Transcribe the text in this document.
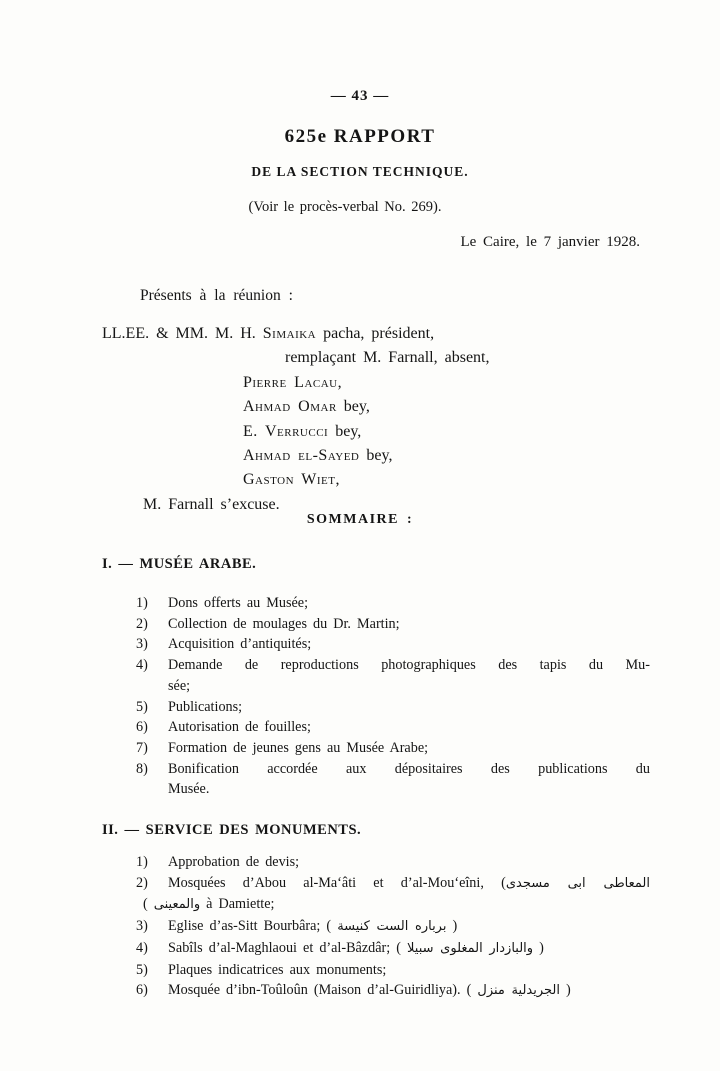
— 43 —
625e RAPPORT
DE LA SECTION TECHNIQUE.
(Voir le procès-verbal No. 269).
Le Caire, le 7 janvier 1928.
Présents à la réunion :
LL.EE. & MM. M. H. Simaika pacha, président,
remplaçant M. Farnall, absent,
Pierre Lacau,
Ahmad Omar bey,
E. Verrucci bey,
Ahmad el-Sayed bey,
Gaston Wiet,
M. Farnall s’excuse.
SOMMAIRE :
I. — MUSÉE ARABE.
1) Dons offerts au Musée;
2) Collection de moulages du Dr. Martin;
3) Acquisition d’antiquités;
4) Demande de reproductions photographiques des tapis du Mu-
sée;
5) Publications;
6) Autorisation de fouilles;
7) Formation de jeunes gens au Musée Arabe;
8) Bonification accordée aux dépositaires des publications du
Musée.
II. — SERVICE DES MONUMENTS.
1) Approbation de devis;
2) Mosquées d’Abou al-Ma‘âti et d’al-Mou‘eîni, (مسجدى ‎ابى ‎المعاطى
( والمعينى à Damiette;
3) Eglise d’as-Sitt Bourbâra; ( كنيسة ‎الست ‎برباره )
4) Sabîls d’al-Maghlaoui et d’al-Bâzdâr; ( سبيلا ‎المغلوى ‎والبازدار )
5) Plaques indicatrices aux monuments;
6) Mosquée d’ibn-Toûloûn (Maison d’al-Guiridliya). ( منزل ‎الجريدلية )
